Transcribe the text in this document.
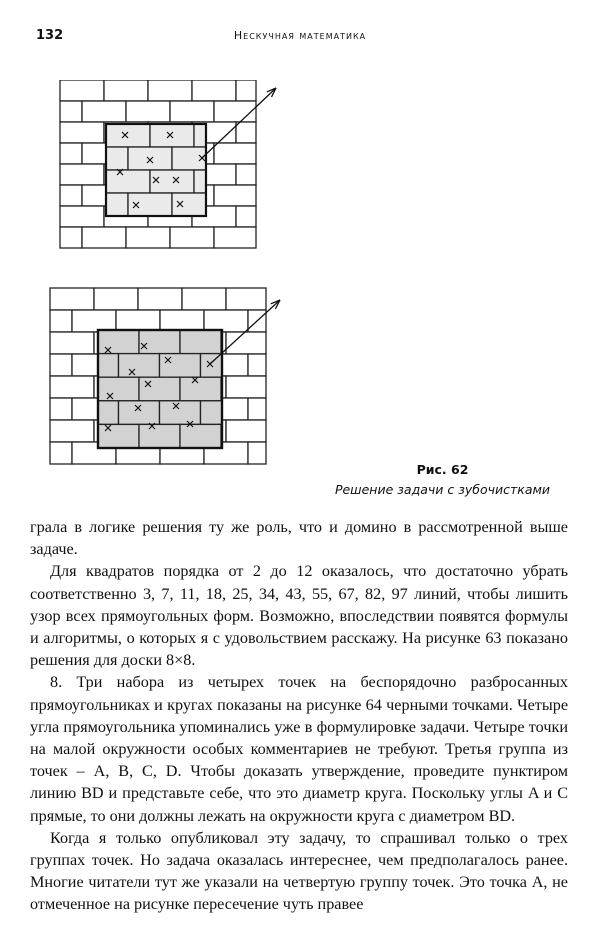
132	Нескучная математика
Рис. 62
Решение задачи с зубочистками

грала в логике решения ту же роль, что и домино в рассмотренной выше задаче.

Для квадратов порядка от 2 до 12 оказалось, что достаточно убрать соответственно 3, 7, 11, 18, 25, 34, 43, 55, 67, 82, 97 линий, чтобы лишить узор всех прямоугольных форм. Возможно, впоследствии появятся формулы и алгоритмы, о которых я с удовольствием расскажу. На рисунке 63 показано решения для доски 8×8.

8. Три набора из четырех точек на беспорядочно разбросанных прямоугольниках и кругах показаны на рисунке 64 черными точками. Четыре угла прямоугольника упоминались уже в формулировке задачи. Четыре точки на малой окружности особых комментариев не требуют. Третья группа из точек – A, B, C, D. Чтобы доказать утверждение, проведите пунктиром линию BD и представьте себе, что это диаметр круга. Поскольку углы A и C прямые, то они должны лежать на окружности круга с диаметром BD.

Когда я только опубликовал эту задачу, то спрашивал только о трех группах точек. Но задача оказалась интереснее, чем предполагалось ранее. Многие читатели тут же указали на четвертую группу точек. Это точка A, не отмеченное на рисунке пересечение чуть правее
